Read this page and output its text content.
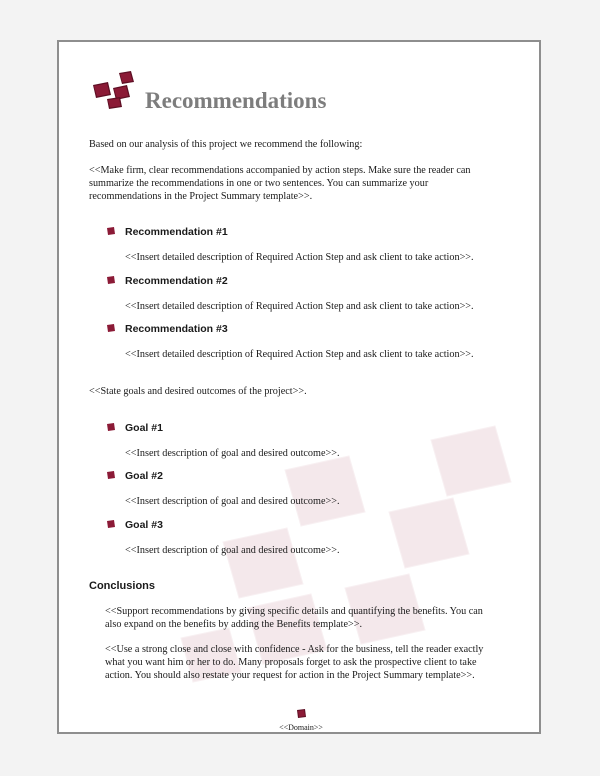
Recommendations
Based on our analysis of this project we recommend the following:
<<Make firm, clear recommendations accompanied by action steps. Make sure the reader can
summarize the recommendations in one or two sentences. You can summarize your
recommendations in the Project Summary template>>.
Recommendation #1
<<Insert detailed description of Required Action Step and ask client to take action>>.
Recommendation #2
<<Insert detailed description of Required Action Step and ask client to take action>>.
Recommendation #3
<<Insert detailed description of Required Action Step and ask client to take action>>.
<<State goals and desired outcomes of the project>>.
Goal #1
<<Insert description of goal and desired outcome>>.
Goal #2
<<Insert description of goal and desired outcome>>.
Goal #3
<<Insert description of goal and desired outcome>>.
Conclusions
<<Support recommendations by giving specific details and quantifying the benefits. You can
also expand on the benefits by adding the Benefits template>>.
<<Use a strong close and close with confidence - Ask for the business, tell the reader exactly
what you want him or her to do. Many proposals forget to ask the prospective client to take
action. You should also restate your request for action in the Project Summary template>>.
<<Domain>>
